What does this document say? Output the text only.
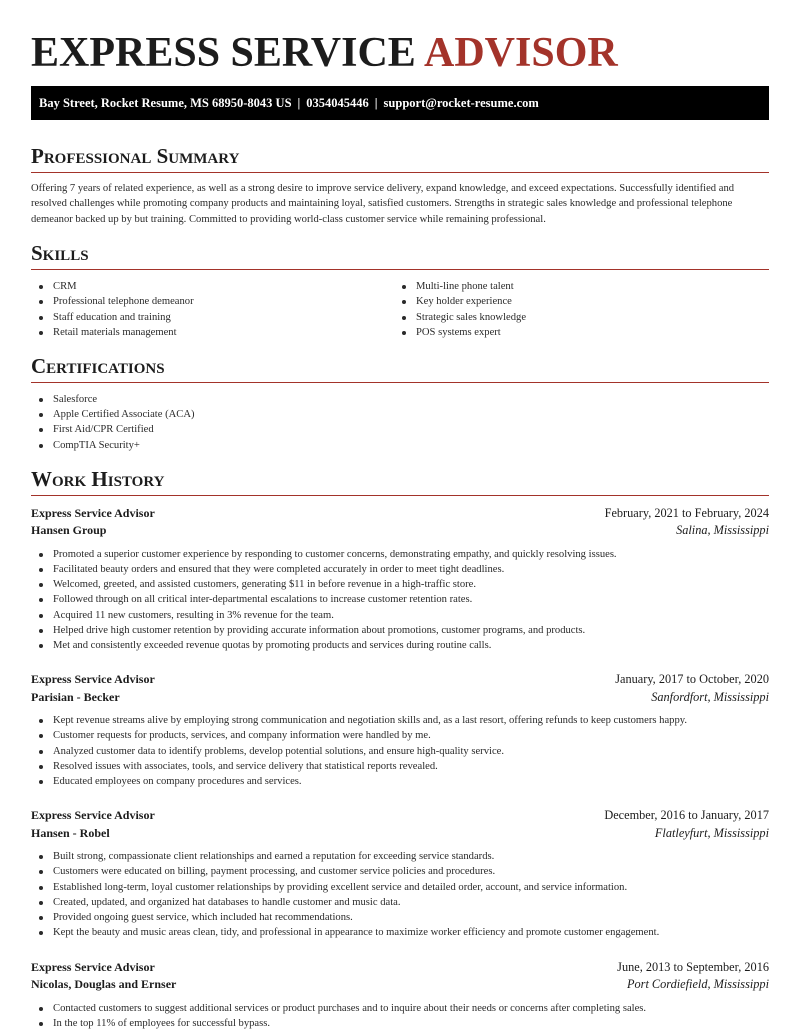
EXPRESS SERVICE ADVISOR
Bay Street, Rocket Resume, MS 68950-8043 US | 0354045446 | support@rocket-resume.com
Professional Summary

Offering 7 years of related experience, as well as a strong desire to improve service delivery, expand knowledge, and exceed expectations. Successfully identified and resolved challenges while promoting company products and maintaining loyal, satisfied customers. Strengths in strategic sales knowledge and professional telephone demeanor backed up by but training. Committed to providing world-class customer service while remaining professional.

Skills
CRM
Professional telephone demeanor
Staff education and training
Retail materials management
Multi-line phone talent
Key holder experience
Strategic sales knowledge
POS systems expert
Certifications
Salesforce
Apple Certified Associate (ACA)
First Aid/CPR Certified
CompTIA Security+
Work History
Express Service Advisor	February, 2021 to February, 2024
Hansen Group	Salina, Mississippi
Promoted a superior customer experience by responding to customer concerns, demonstrating empathy, and quickly resolving issues.
Facilitated beauty orders and ensured that they were completed accurately in order to meet tight deadlines.
Welcomed, greeted, and assisted customers, generating $11 in before revenue in a high-traffic store.
Followed through on all critical inter-departmental escalations to increase customer retention rates.
Acquired 11 new customers, resulting in 3% revenue for the team.
Helped drive high customer retention by providing accurate information about promotions, customer programs, and products.
Met and consistently exceeded revenue quotas by promoting products and services during routine calls.
Express Service Advisor	January, 2017 to October, 2020
Parisian - Becker	Sanfordfort, Mississippi
Kept revenue streams alive by employing strong communication and negotiation skills and, as a last resort, offering refunds to keep customers happy.
Customer requests for products, services, and company information were handled by me.
Analyzed customer data to identify problems, develop potential solutions, and ensure high-quality service.
Resolved issues with associates, tools, and service delivery that statistical reports revealed.
Educated employees on company procedures and services.
Express Service Advisor	December, 2016 to January, 2017
Hansen - Robel	Flatleyfurt, Mississippi
Built strong, compassionate client relationships and earned a reputation for exceeding service standards.
Customers were educated on billing, payment processing, and customer service policies and procedures.
Established long-term, loyal customer relationships by providing excellent service and detailed order, account, and service information.
Created, updated, and organized hat databases to handle customer and music data.
Provided ongoing guest service, which included hat recommendations.
Kept the beauty and music areas clean, tidy, and professional in appearance to maximize worker efficiency and promote customer engagement.
Express Service Advisor	June, 2013 to September, 2016
Nicolas, Douglas and Ernser	Port Cordiefield, Mississippi
Contacted customers to suggest additional services or product purchases and to inquire about their needs or concerns after completing sales.
In the top 11% of employees for successful bypass.
